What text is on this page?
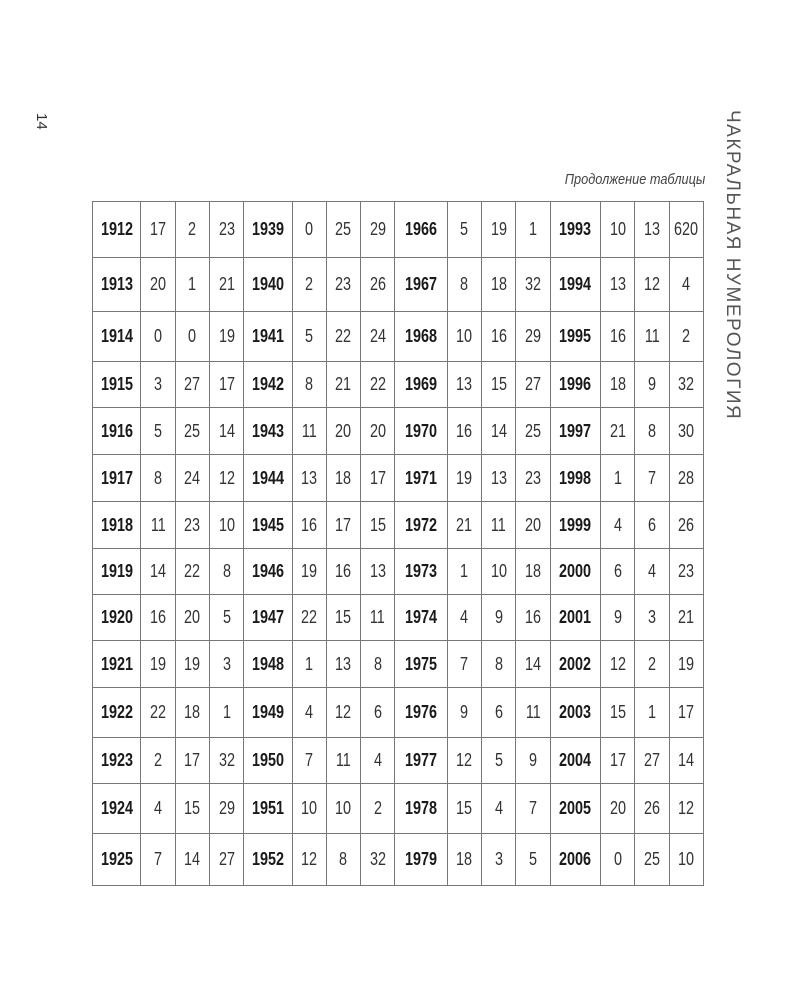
14	ЧАКРАЛЬНАЯ НУМЕРОЛОГИЯ
Продолжение таблицы
1912	17	2	23	1939	0	25	29	1966	5	19	1	1993	10	13	620
1913	20	1	21	1940	2	23	26	1967	8	18	32	1994	13	12	4
1914	0	0	19	1941	5	22	24	1968	10	16	29	1995	16	11	2
1915	3	27	17	1942	8	21	22	1969	13	15	27	1996	18	9	32
1916	5	25	14	1943	11	20	20	1970	16	14	25	1997	21	8	30
1917	8	24	12	1944	13	18	17	1971	19	13	23	1998	1	7	28
1918	11	23	10	1945	16	17	15	1972	21	11	20	1999	4	6	26
1919	14	22	8	1946	19	16	13	1973	1	10	18	2000	6	4	23
1920	16	20	5	1947	22	15	11	1974	4	9	16	2001	9	3	21
1921	19	19	3	1948	1	13	8	1975	7	8	14	2002	12	2	19
1922	22	18	1	1949	4	12	6	1976	9	6	11	2003	15	1	17
1923	2	17	32	1950	7	11	4	1977	12	5	9	2004	17	27	14
1924	4	15	29	1951	10	10	2	1978	15	4	7	2005	20	26	12
1925	7	14	27	1952	12	8	32	1979	18	3	5	2006	0	25	10
